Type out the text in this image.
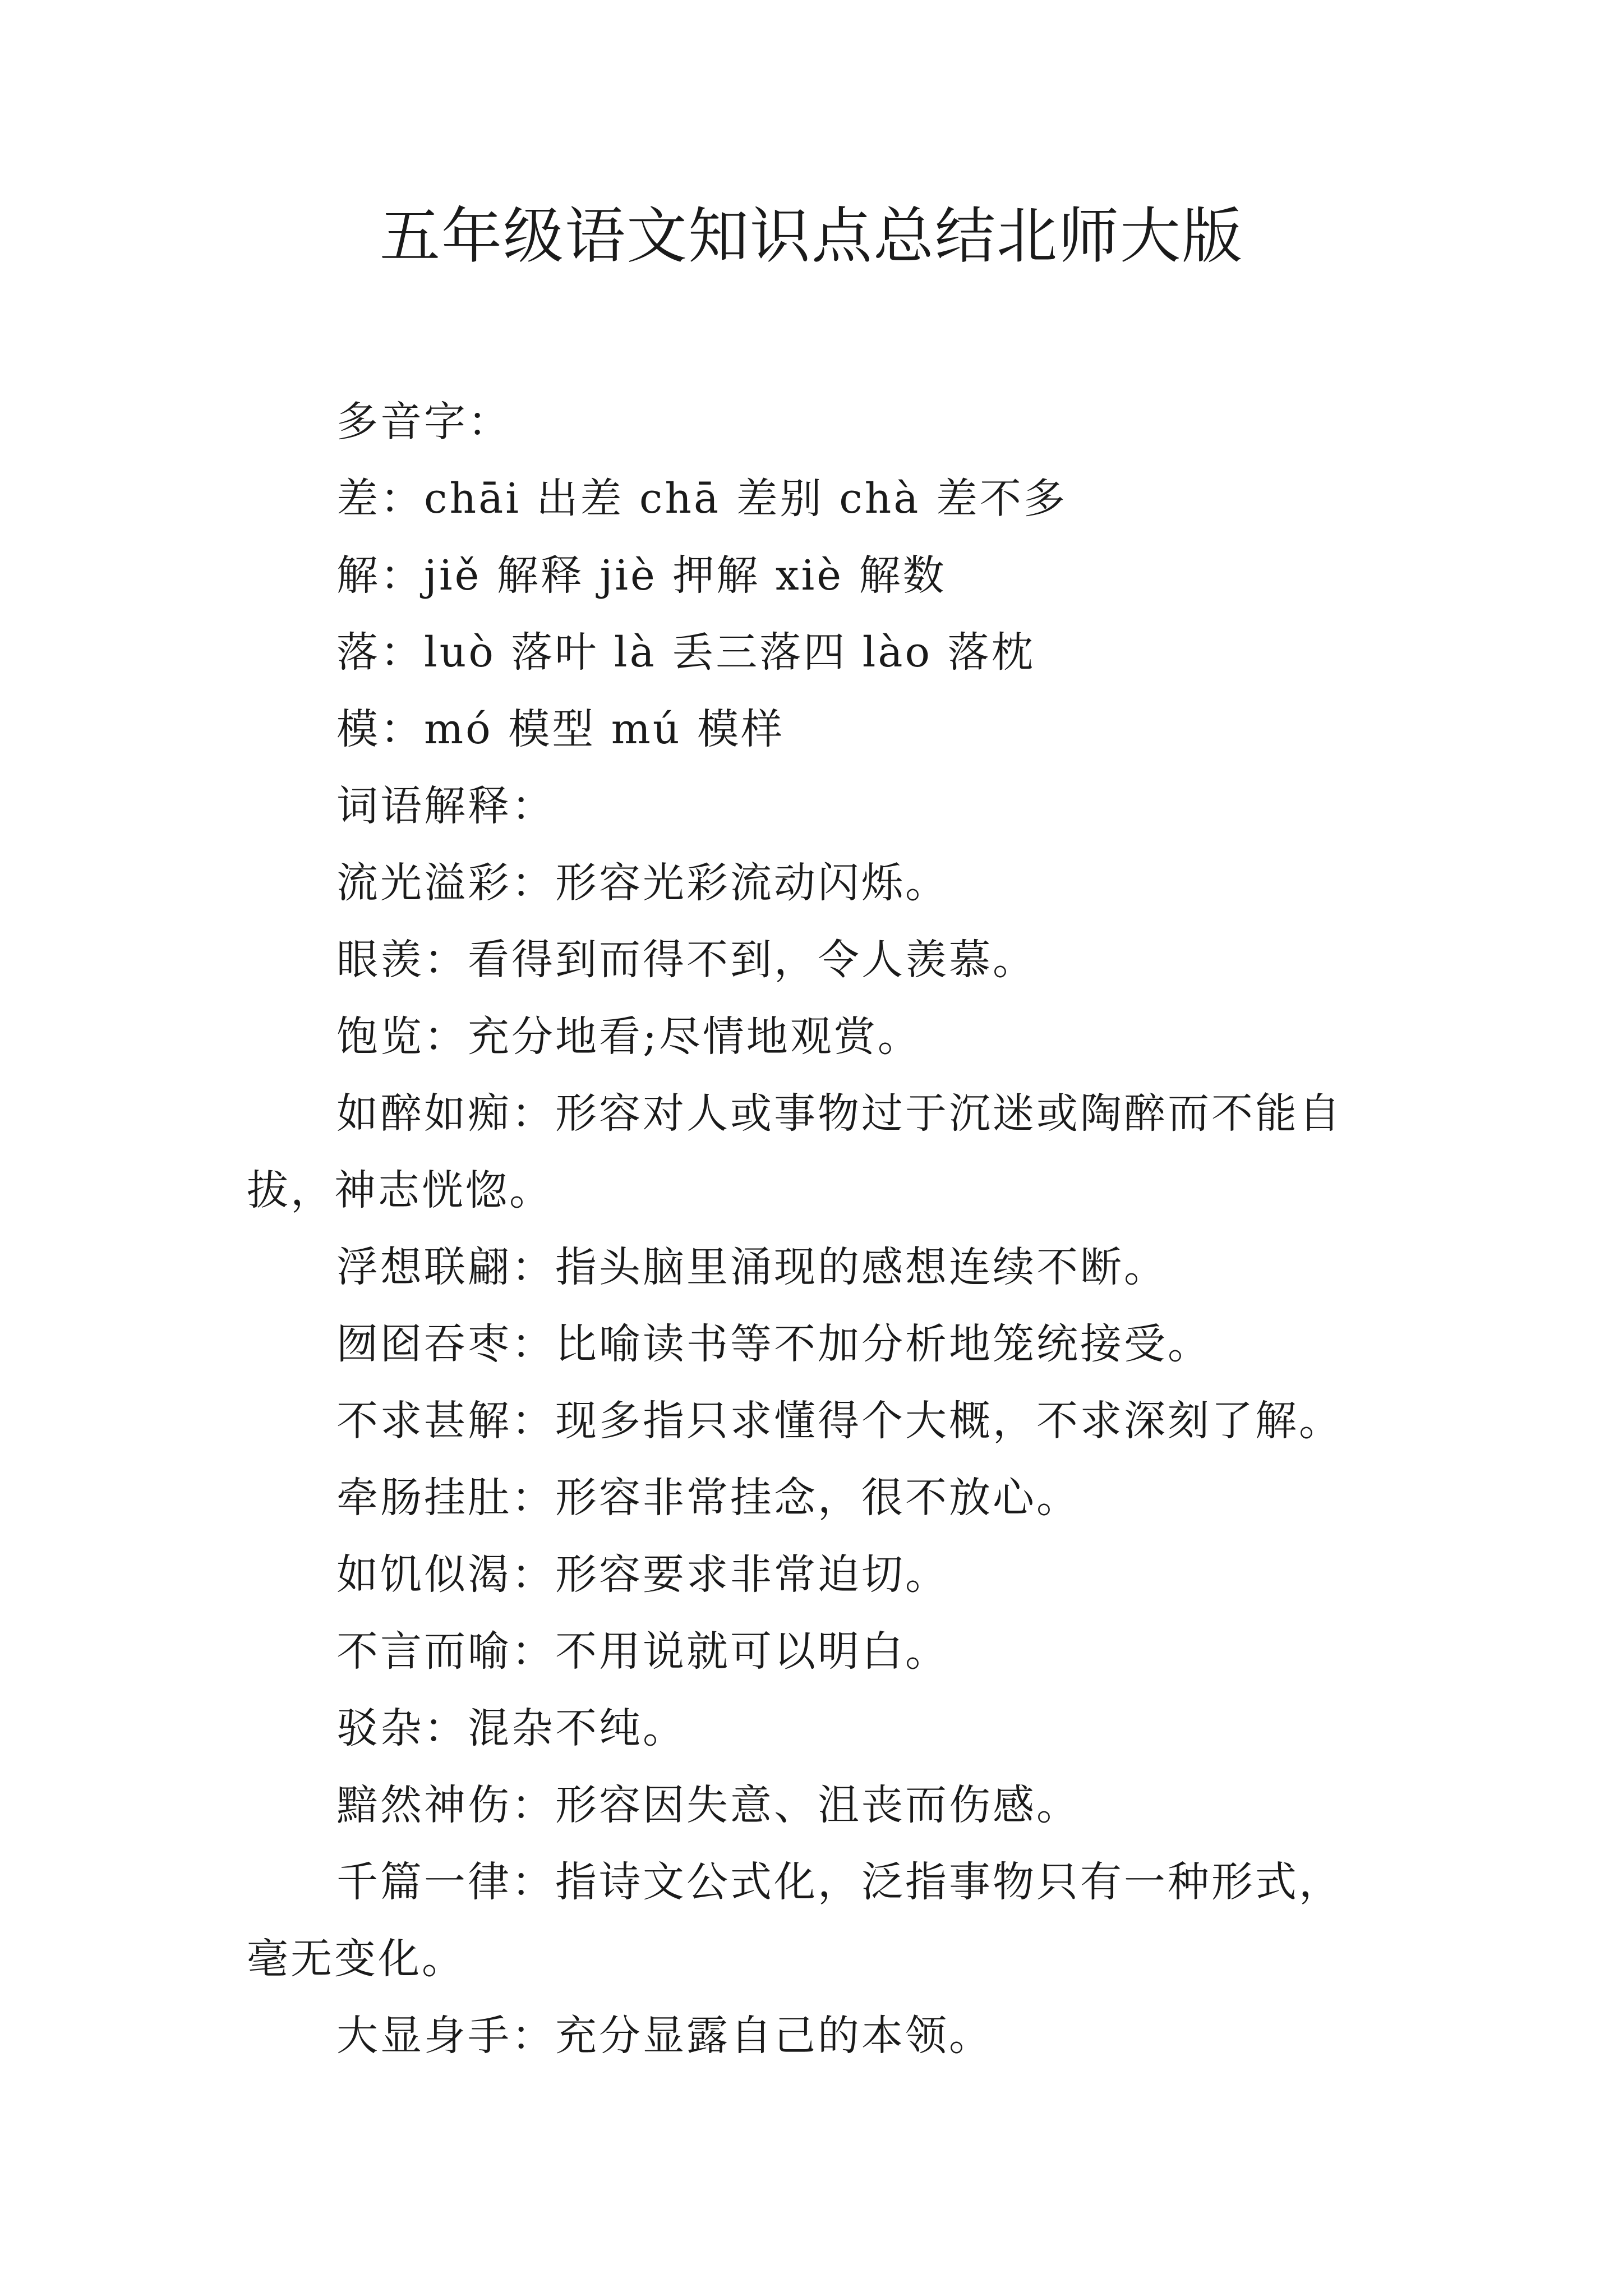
五年级语文知识点总结北师大版

多音字：

差：chāi 出差 chā 差别 chà 差不多

解：jiě 解释 jiè 押解 xiè 解数

落：luò 落叶 là 丢三落四 lào 落枕

模：mó 模型 mú 模样

词语解释：

流光溢彩：形容光彩流动闪烁。

眼羡：看得到而得不到，令人羡慕。

饱览：充分地看;尽情地观赏。

如醉如痴：形容对人或事物过于沉迷或陶醉而不能自拔，神志恍惚。

浮想联翩：指头脑里涌现的感想连续不断。

囫囵吞枣：比喻读书等不加分析地笼统接受。

不求甚解：现多指只求懂得个大概，不求深刻了解。

牵肠挂肚：形容非常挂念，很不放心。

如饥似渴：形容要求非常迫切。

不言而喻：不用说就可以明白。

驳杂：混杂不纯。

黯然神伤：形容因失意、沮丧而伤感。

千篇一律：指诗文公式化，泛指事物只有一种形式，毫无变化。

大显身手：充分显露自己的本领。
